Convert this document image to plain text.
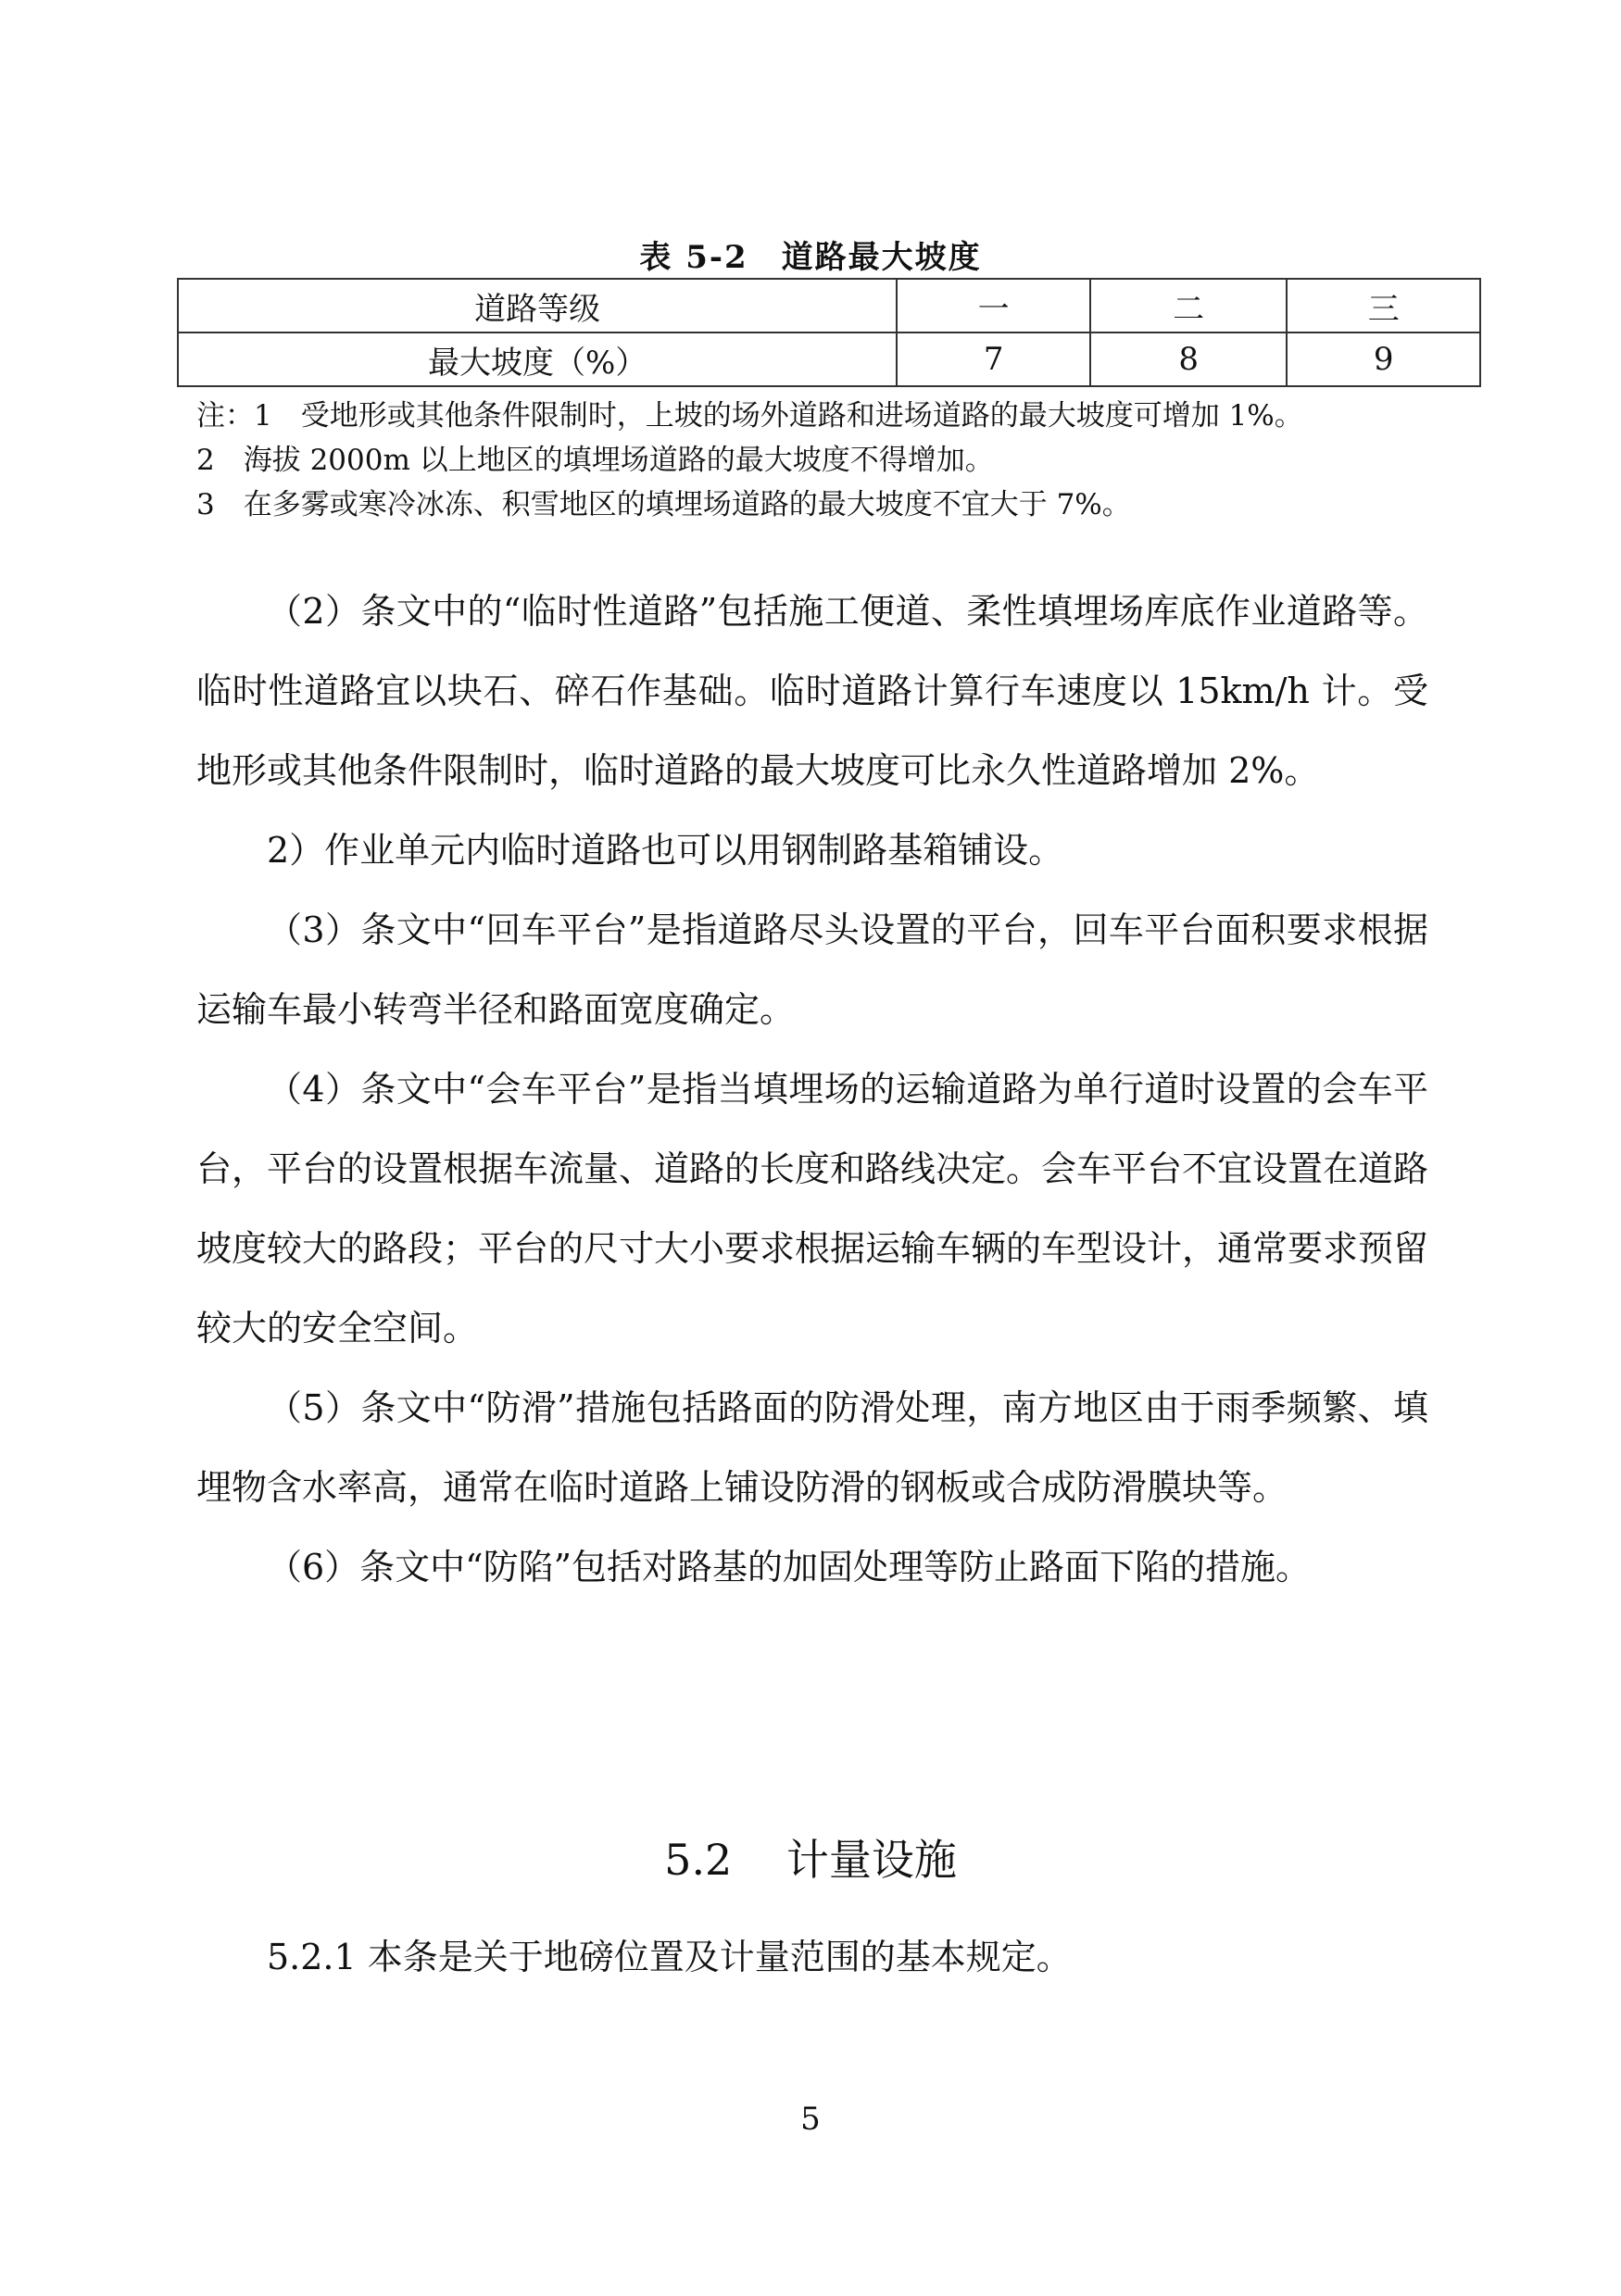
表 5-2　道路最大坡度
道路等级	一	二	三
最大坡度（%）	7	8	9

注：1　受地形或其他条件限制时，上坡的场外道路和进场道路的最大坡度可增加 1%。

2　海拔 2000m 以上地区的填埋场道路的最大坡度不得增加。

3　在多雾或寒冷冰冻、积雪地区的填埋场道路的最大坡度不宜大于 7%。

（2）条文中的“临时性道路”包括施工便道、柔性填埋场库底作业道路等。临时性道路宜以块石、碎石作基础。临时道路计算行车速度以 15km/h 计。受地形或其他条件限制时，临时道路的最大坡度可比永久性道路增加 2%。

2）作业单元内临时道路也可以用钢制路基箱铺设。

（3）条文中“回车平台”是指道路尽头设置的平台，回车平台面积要求根据运输车最小转弯半径和路面宽度确定。

（4）条文中“会车平台”是指当填埋场的运输道路为单行道时设置的会车平台，平台的设置根据车流量、道路的长度和路线决定。会车平台不宜设置在道路坡度较大的路段；平台的尺寸大小要求根据运输车辆的车型设计，通常要求预留较大的安全空间。

（5）条文中“防滑”措施包括路面的防滑处理，南方地区由于雨季频繁、填埋物含水率高，通常在临时道路上铺设防滑的钢板或合成防滑膜块等。

（6）条文中“防陷”包括对路基的加固处理等防止路面下陷的措施。

5.2 计量设施

5.2.1 本条是关于地磅位置及计量范围的基本规定。

5
